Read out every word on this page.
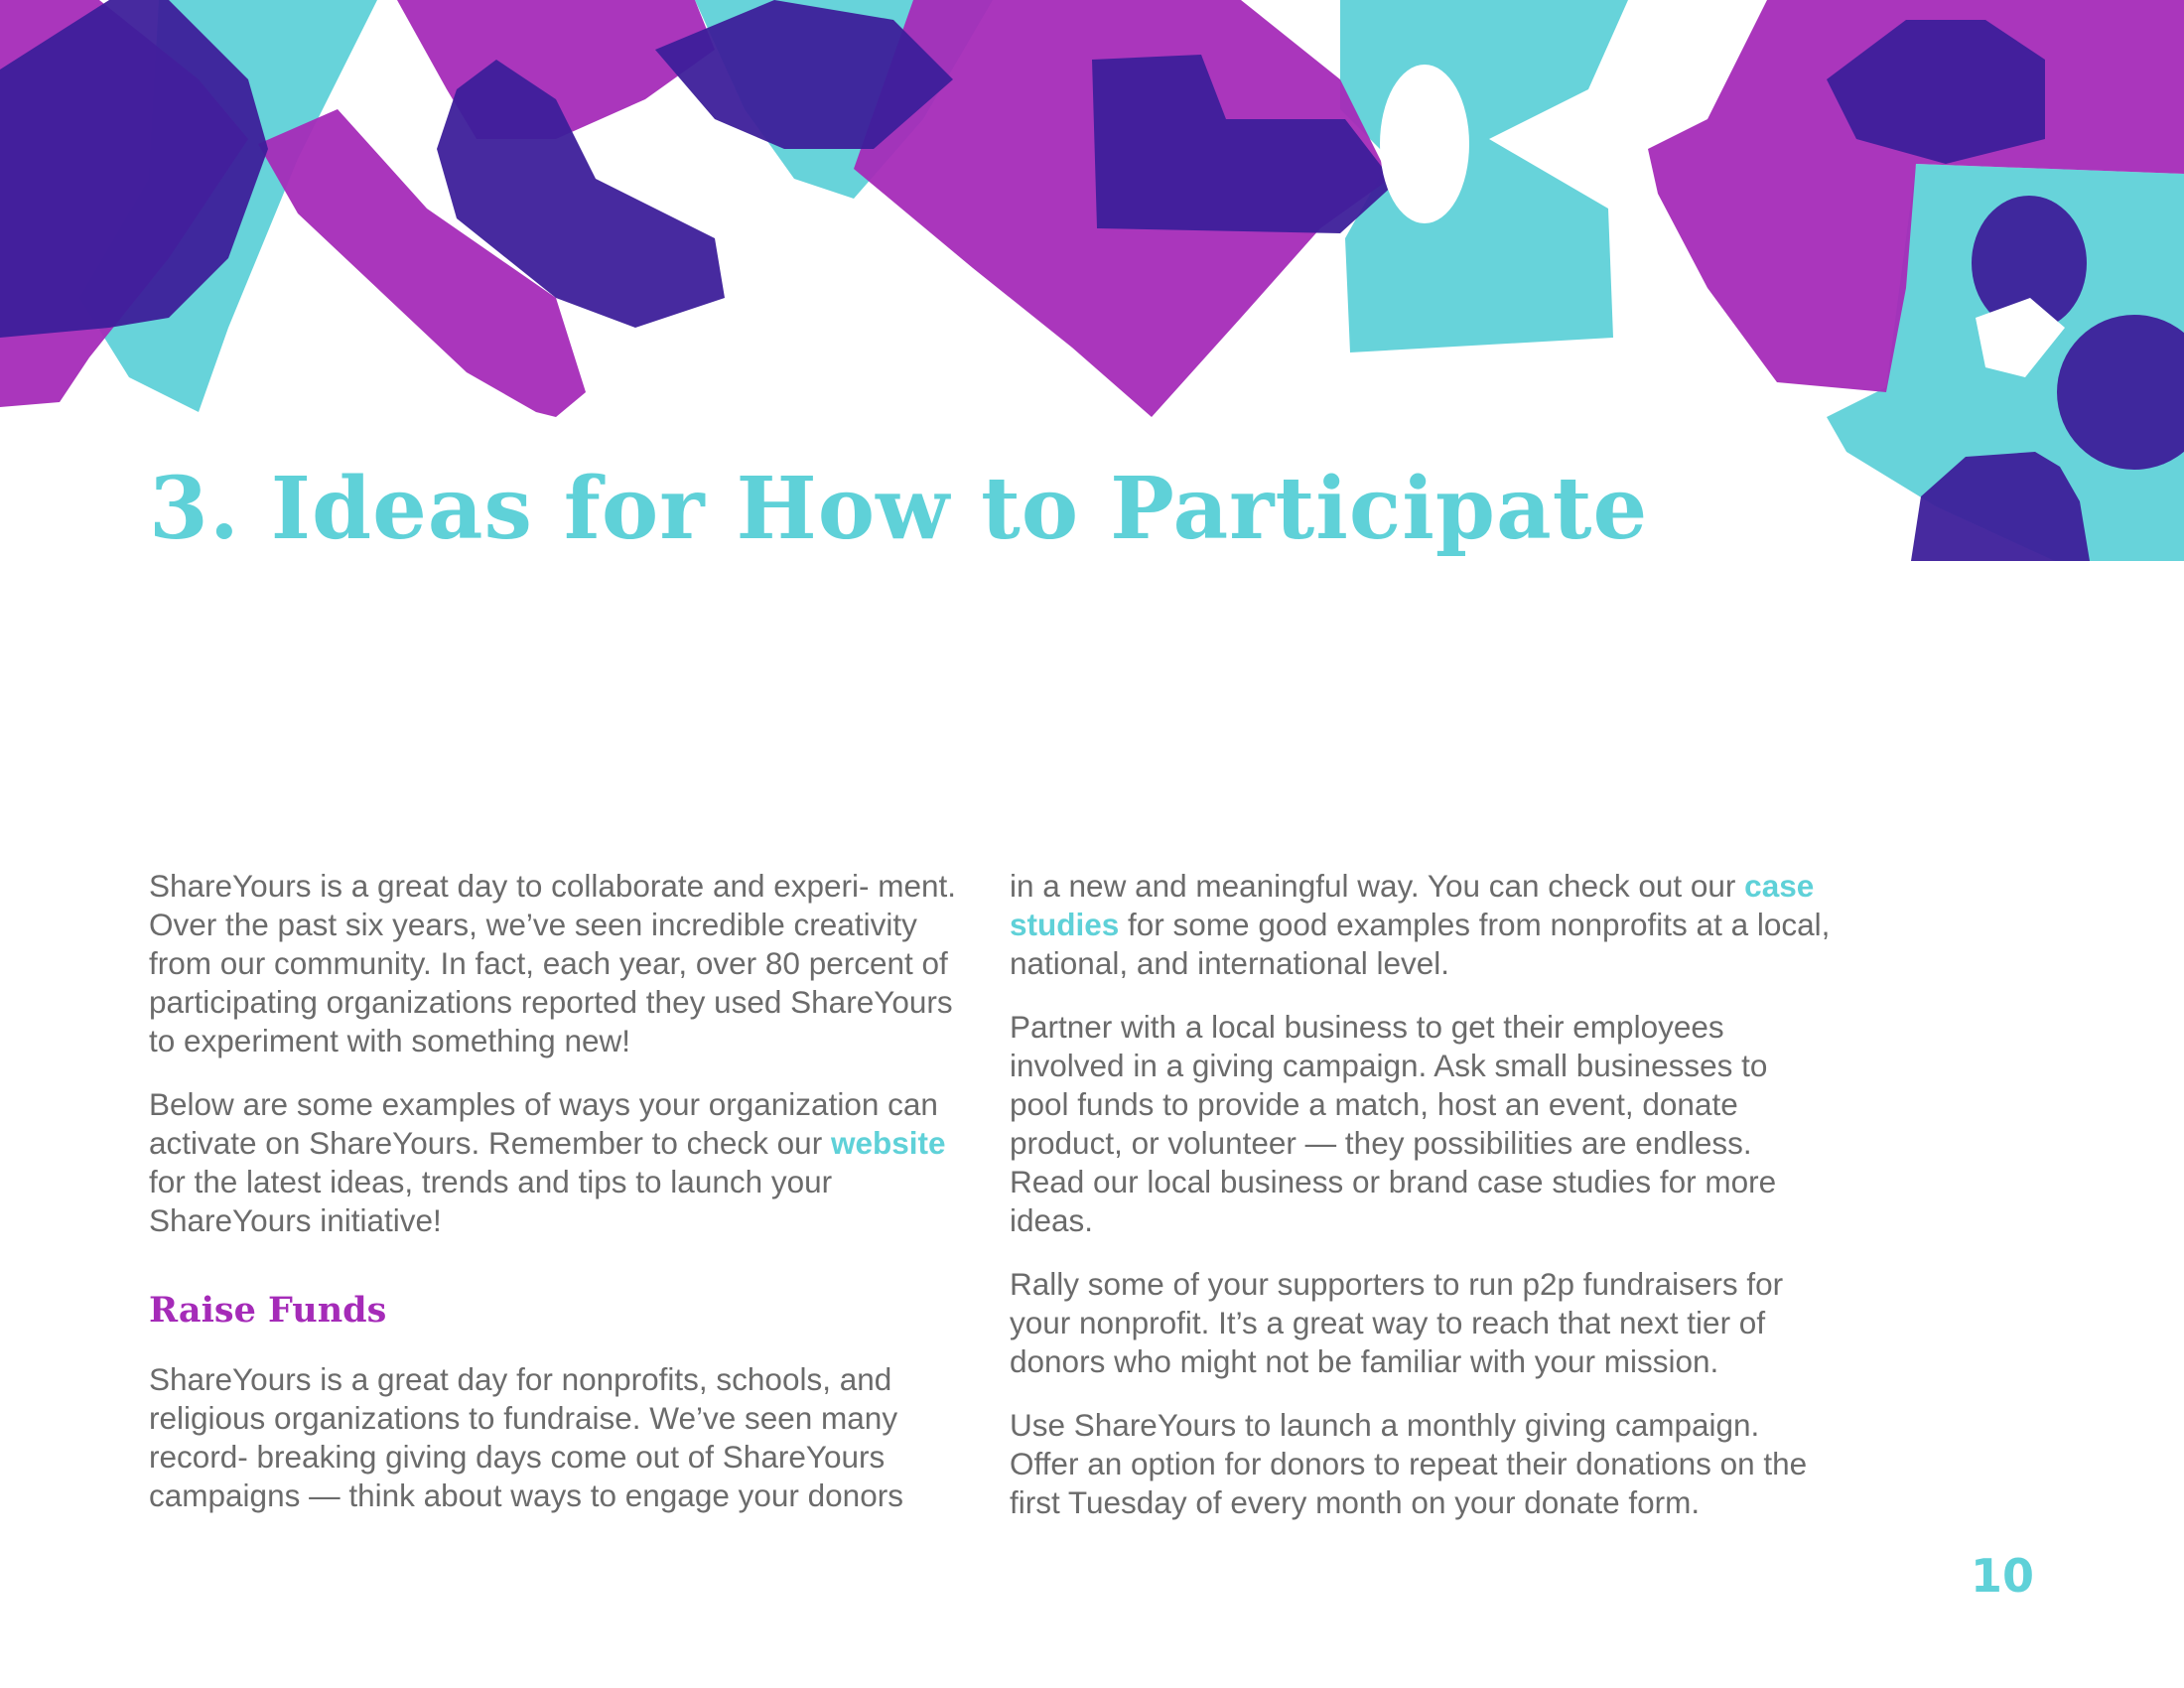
3. Ideas for How to Participate

ShareYours is a great day to collaborate and experi- ment. Over the past six years, we’ve seen incredible creativity from our community. In fact, each year, over 80 percent of participating organizations reported they used ShareYours to experiment with something new!

Below are some examples of ways your organization can activate on ShareYours. Remember to check our website for the latest ideas, trends and tips to launch your ShareYours initiative!

Raise Funds

ShareYours is a great day for nonprofits, schools, and religious organizations to fundraise. We’ve seen many record- breaking giving days come out of ShareYours campaigns — think about ways to engage your donors

in a new and meaningful way. You can check out our case studies for some good examples from nonprofits at a local, national, and international level.

Partner with a local business to get their employees involved in a giving campaign. Ask small businesses to pool funds to provide a match, host an event, donate product, or volunteer — they possibilities are endless. Read our local business or brand case studies for more ideas.

Rally some of your supporters to run p2p fundraisers for your nonprofit. It’s a great way to reach that next tier of donors who might not be familiar with your mission.

Use ShareYours to launch a monthly giving campaign. Offer an option for donors to repeat their donations on the first Tuesday of every month on your donate form.

10
